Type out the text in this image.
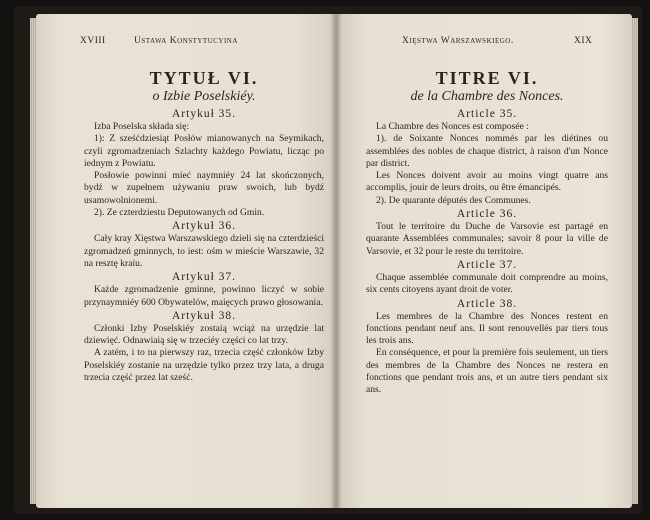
XVIII	Ustawa Konstytucyina
TYTUŁ VI.
o Izbie Poselskiéy.
Artykuł 35.

Izba Poselska składa się:

1): Z sześćdziesiąt Posłów mianowanych na Seymikach, czyli zgromadzeniach Szlachty każdego Powiatu, licząc po iednym z Powiatu.

Posłowie powinni mieć naymniéy 24 lat skończonych, bydź w zupełnem używaniu praw swoich, lub bydź usamowolnionemi.

2). Ze czterdziestu Deputowanych od Gmin.

Artykuł 36.

Cały kray Xięstwa Warszawskiego dzieli się na czterdzieści zgromadzeń gminnych, to iest: ośm w mieście Warszawie, 32 na resztę kraiu.

Artykuł 37.

Każde zgromadzenie gminne, powinno liczyć w sobie przynaymniéy 600 Obywatelów, maięcych prawo głosowania.

Artykuł 38.

Członki Izby Poselskiéy zostaią wciąż na urzędzie lat dziewięć. Odnawiaią się w trzeciéy części co lat trzy.

A zatém, i to na pierwszy raz, trzecia część członków Izby Poselskiéy zostanie na urzędzie tylko przez trzy lata, a druga trzecia część przez lat sześć.

Xięstwa Warszawskiego.	XIX
TITRE VI.
de la Chambre des Nonces.
Article 35.

La Chambre des Nonces est composée :

1). de Soixante Nonces nommés par les diétines ou assemblées des nobles de chaque district, à raison d'un Nonce par district.

Les Nonces doivent avoir au moins vingt quatre ans accomplis, jouir de leurs droits, ou être émancipés.

2). De quarante députés des Communes.

Article 36.

Tout le territoire du Duche de Varsovie est partagé en quarante Assemblées communales; savoir 8 pour la ville de Varsovie, et 32 pour le reste du territoire.

Article 37.

Chaque assemblée communale doit comprendre au moins, six cents citoyens ayant droit de voter.

Article 38.

Les membres de la Chambre des Nonces restent en fonctions pendant neuf ans. Il sont renouvellés par tiers tous les trois ans.

En conséquence, et pour la première fois seulement, un tiers des membres de la Chambre des Nonces ne restera en fonctions que pendant trois ans, et un autre tiers pendant six ans.
